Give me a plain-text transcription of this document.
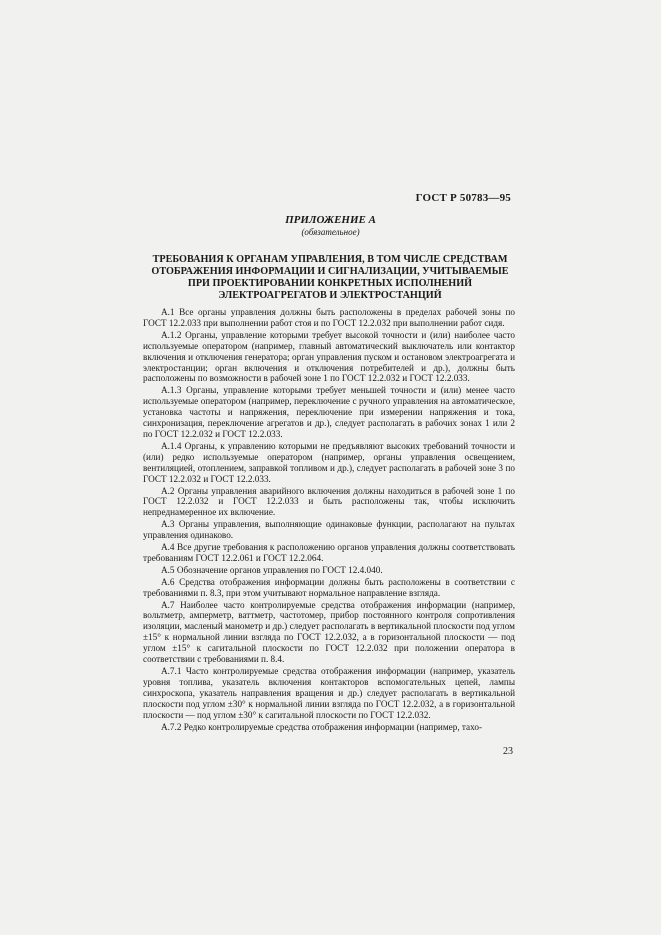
ГОСТ Р 50783—95
ПРИЛОЖЕНИЕ А
(обязательное)
ТРЕБОВАНИЯ К ОРГАНАМ УПРАВЛЕНИЯ, В ТОМ ЧИСЛЕ СРЕДСТВАМ
ОТОБРАЖЕНИЯ ИНФОРМАЦИИ И СИГНАЛИЗАЦИИ, УЧИТЫВАЕМЫЕ
ПРИ ПРОЕКТИРОВАНИИ КОНКРЕТНЫХ ИСПОЛНЕНИЙ
ЭЛЕКТРОАГРЕГАТОВ И ЭЛЕКТРОСТАНЦИЙ

А.1 Все органы управления должны быть расположены в пределах рабочей зоны по ГОСТ 12.2.033 при выполнении работ стоя и по ГОСТ 12.2.032 при выполнении работ сидя.

А.1.2 Органы, управление которыми требует высокой точности и (или) наиболее часто используемые оператором (например, главный автоматический выключатель или контактор включения и отключения генератора; орган управления пуском и остановом электроагрегата и электростанции; орган включения и отключения потребителей и др.), должны быть расположены по возможности в рабочей зоне 1 по ГОСТ 12.2.032 и ГОСТ 12.2.033.

А.1.3 Органы, управление которыми требует меньшей точности и (или) менее часто используемые оператором (например, переключение с ручного управления на автоматическое, установка частоты и напряжения, переключение при измерении напряжения и тока, синхронизация, переключение агрегатов и др.), следует располагать в рабочих зонах 1 или 2 по ГОСТ 12.2.032 и ГОСТ 12.2.033.

А.1.4 Органы, к управлению которыми не предъявляют высоких требований точности и (или) редко используемые оператором (например, органы управления освещением, вентиляцией, отоплением, заправкой топливом и др.), следует располагать в рабочей зоне 3 по ГОСТ 12.2.032 и ГОСТ 12.2.033.

А.2 Органы управления аварийного включения должны находиться в рабочей зоне 1 по ГОСТ 12.2.032 и ГОСТ 12.2.033 и быть расположены так, чтобы исключить непреднамеренное их включение.

А.3 Органы управления, выполняющие одинаковые функции, располагают на пультах управления одинаково.

А.4 Все другие требования к расположению органов управления должны соответствовать требованиям ГОСТ 12.2.061 и ГОСТ 12.2.064.

А.5 Обозначение органов управления по ГОСТ 12.4.040.

А.6 Средства отображения информации должны быть расположены в соответствии с требованиями п. 8.3, при этом учитывают нормальное направление взгляда.

А.7 Наиболее часто контролируемые средства отображения информации (например, вольтметр, амперметр, ваттметр, частотомер, прибор постоянного контроля сопротивления изоляции, масленый манометр и др.) следует располагать в вертикальной плоскости под углом ±15° к нормальной линии взгляда по ГОСТ 12.2.032, а в горизонтальной плоскости — под углом ±15° к сагитальной плоскости по ГОСТ 12.2.032 при положении оператора в соответствии с требованиями п. 8.4.

А.7.1 Часто контролируемые средства отображения информации (например, указатель уровня топлива, указатель включения контакторов вспомогательных цепей, лампы синхроскопа, указатель направления вращения и др.) следует располагать в вертикальной плоскости под углом ±30° к нормальной линии взгляда по ГОСТ 12.2.032, а в горизонтальной плоскости — под углом ±30° к сагитальной плоскости по ГОСТ 12.2.032.

А.7.2 Редко контролируемые средства отображения информации (например, тахо-

23
